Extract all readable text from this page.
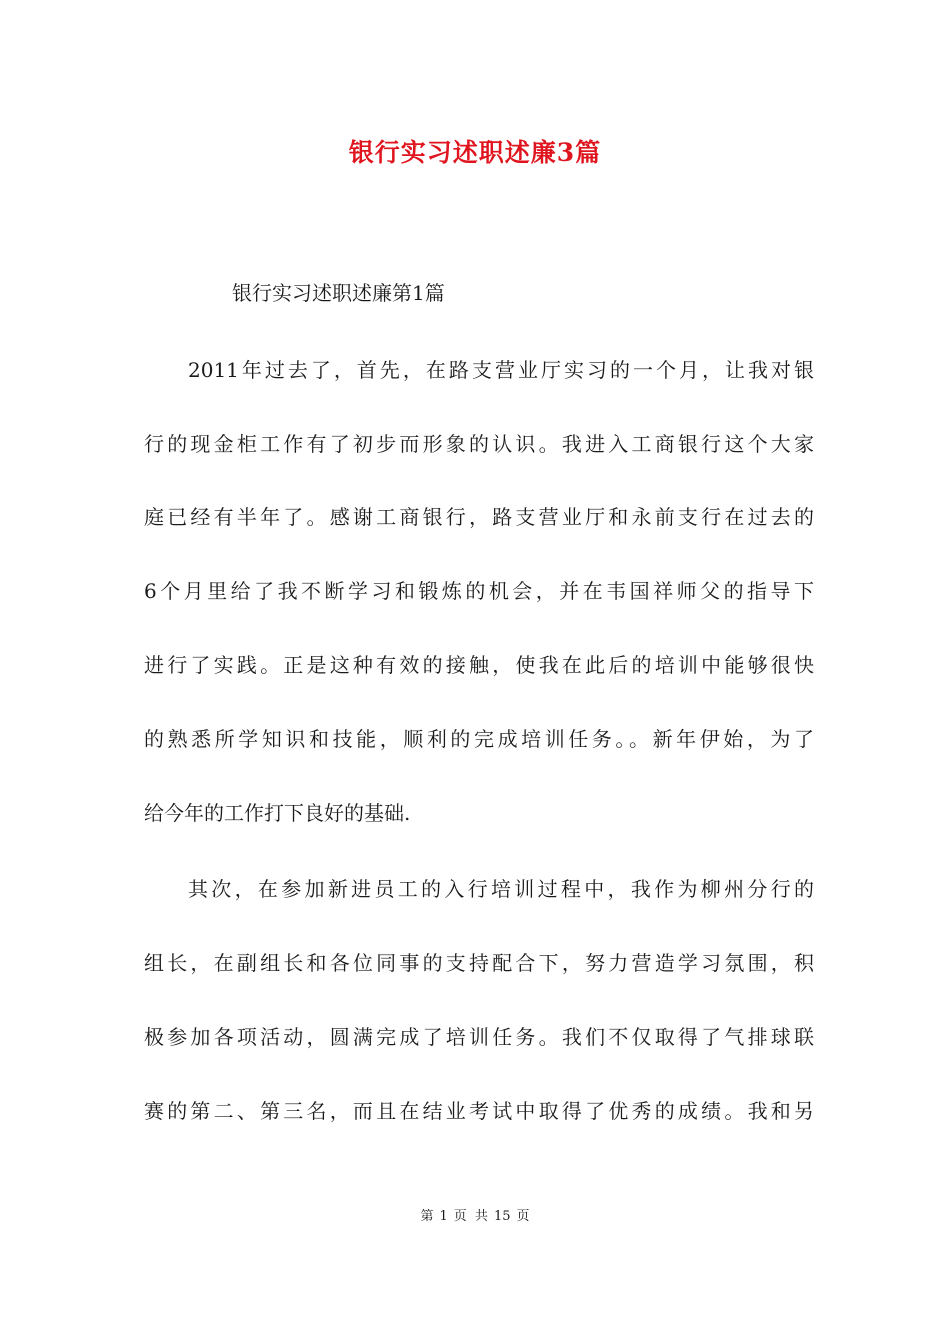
银行实习述职述廉3篇
银行实习述职述廉第1篇
2011年过去了，首先，在路支营业厅实习的一个月，让我对银
行的现金柜工作有了初步而形象的认识。我进入工商银行这个大家
庭已经有半年了。感谢工商银行，路支营业厅和永前支行在过去的
6个月里给了我不断学习和锻炼的机会，并在韦国祥师父的指导下
进行了实践。正是这种有效的接触，使我在此后的培训中能够很快
的熟悉所学知识和技能，顺利的完成培训任务。。新年伊始，为了
给今年的工作打下良好的基础.
其次，在参加新进员工的入行培训过程中，我作为柳州分行的
组长，在副组长和各位同事的支持配合下，努力营造学习氛围，积
极参加各项活动，圆满完成了培训任务。我们不仅取得了气排球联
赛的第二、第三名，而且在结业考试中取得了优秀的成绩。我和另
第 1 页 共 15 页
